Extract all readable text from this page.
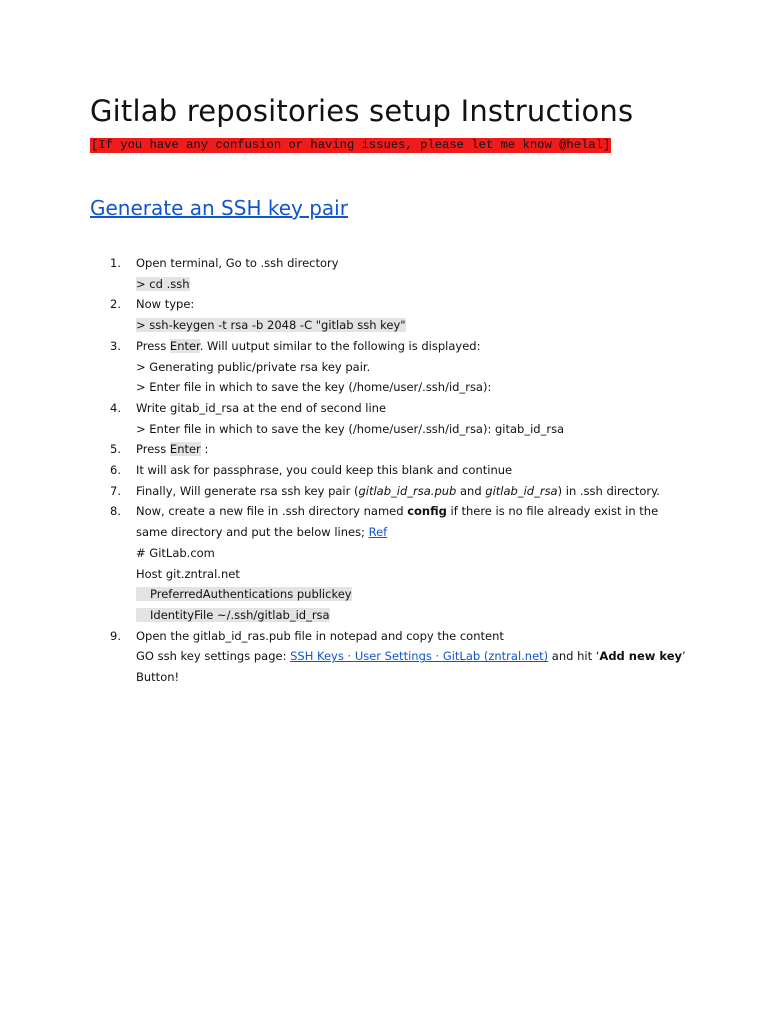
Gitlab repositories setup Instructions
[If you have any confusion or having issues, please let me know @helal]
Generate an SSH key pair
1. Open terminal, Go to .ssh directory
> cd .ssh
2. Now type:
> ssh-keygen -t rsa -b 2048 -C "gitlab ssh key"
3. Press Enter. Will uutput similar to the following is displayed:
> Generating public/private rsa key pair.
> Enter file in which to save the key (/home/user/.ssh/id_rsa):
4. Write gitab_id_rsa at the end of second line
> Enter file in which to save the key (/home/user/.ssh/id_rsa): gitab_id_rsa
5. Press Enter :
6. It will ask for passphrase, you could keep this blank and continue
7. Finally, Will generate rsa ssh key pair (gitlab_id_rsa.pub and gitlab_id_rsa) in .ssh directory.
8. Now, create a new file in .ssh directory named config if there is no file already exist in the same directory and put the below lines; Ref
# GitLab.com
Host git.zntral.net
PreferredAuthentications publickey
IdentityFile ~/.ssh/gitlab_id_rsa
9. Open the gitlab_id_ras.pub file in notepad and copy the content
GO ssh key settings page: SSH Keys · User Settings · GitLab (zntral.net) and hit ‘Add new key’ Button!
